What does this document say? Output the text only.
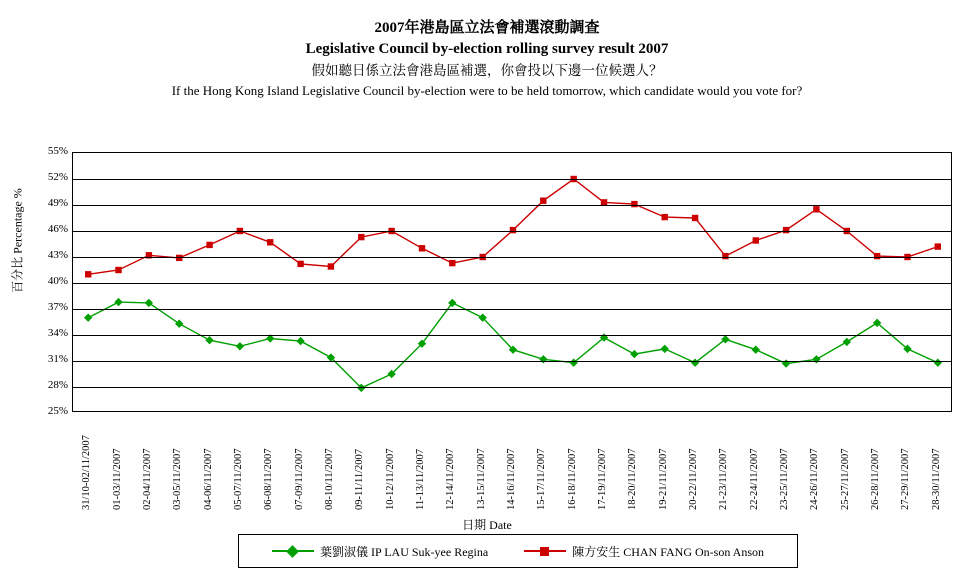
2007年港島區立法會補選滾動調查
Legislative Council by-election rolling survey result 2007
假如聽日係立法會港島區補選，你會投以下邊一位候選人？
If the Hong Kong Island Legislative Council by-election were to be held tomorrow, which candidate would you vote for?
25%
28%
31%
34%
37%
40%
43%
46%
49%
52%
55%
百分比 Percentage %
31/10-02/11/2007 01-03/11/2007 02-04/11/2007 03-05/11/2007 04-06/11/2007 05-07/11/2007 06-08/11/2007 07-09/11/2007 08-10/11/2007 09-11/11/2007 10-12/11/2007 11-13/11/2007 12-14/11/2007 13-15/11/2007 14-16/11/2007 15-17/11/2007 16-18/11/2007 17-19/11/2007 18-20/11/2007 19-21/11/2007 20-22/11/2007 21-23/11/2007 22-24/11/2007 23-25/11/2007 24-26/11/2007 25-27/11/2007 26-28/11/2007 27-29/11/2007 28-30/11/2007
日期 Date
葉劉淑儀 IP LAU Suk-yee Regina	陳方安生 CHAN FANG On-son Anson
